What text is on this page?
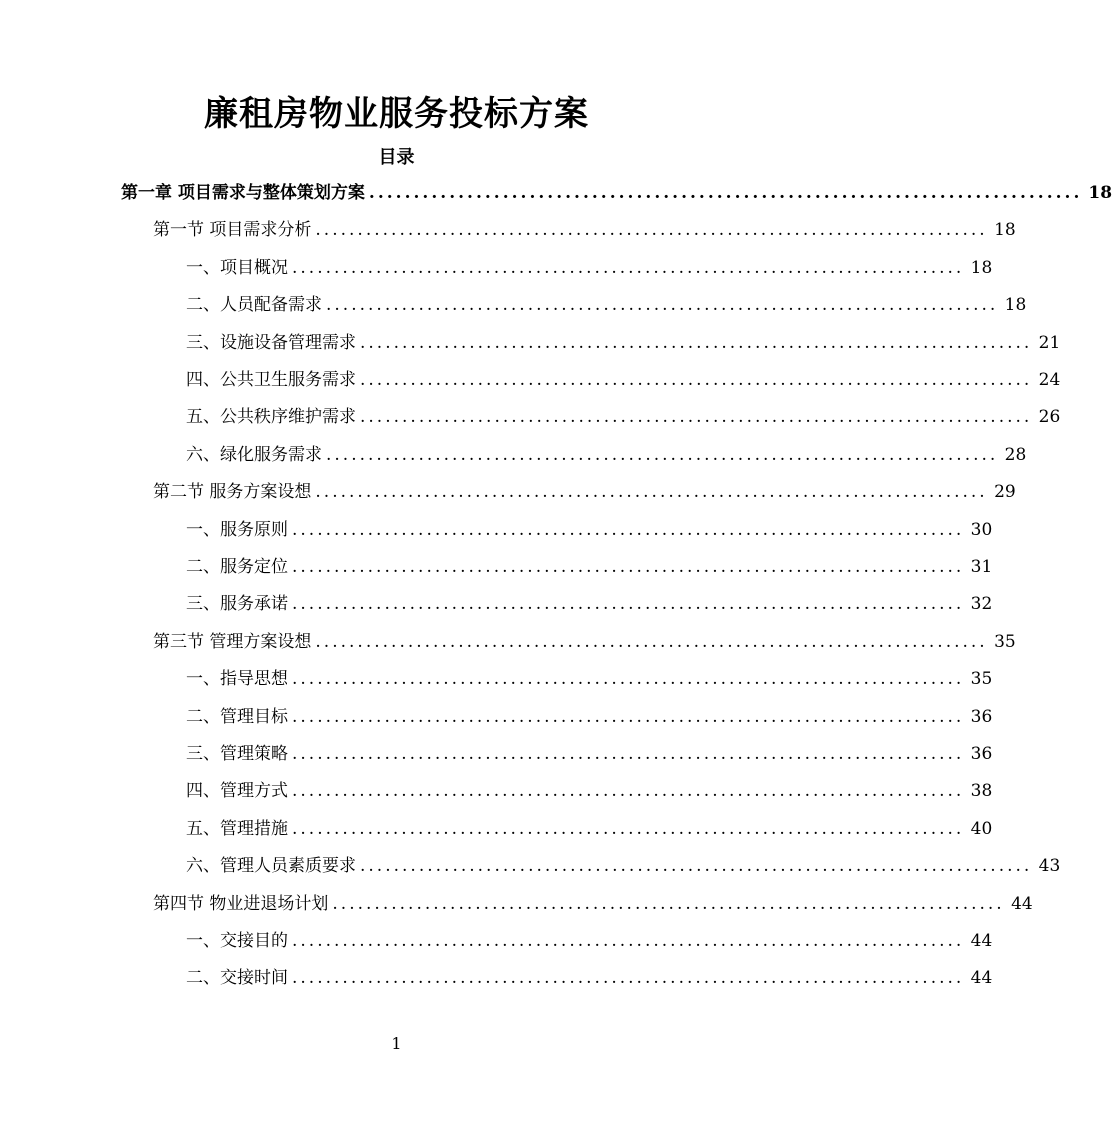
廉租房物业服务投标方案
目录
第一章 项目需求与整体策划方案 ................................................................................ 18
第一节 项目需求分析 ................................................................................ 18
一、项目概况 ................................................................................ 18
二、人员配备需求 ................................................................................ 18
三、设施设备管理需求 ................................................................................ 21
四、公共卫生服务需求 ................................................................................ 24
五、公共秩序维护需求 ................................................................................ 26
六、绿化服务需求 ................................................................................ 28
第二节 服务方案设想 ................................................................................ 29
一、服务原则 ................................................................................ 30
二、服务定位 ................................................................................ 31
三、服务承诺 ................................................................................ 32
第三节 管理方案设想 ................................................................................ 35
一、指导思想 ................................................................................ 35
二、管理目标 ................................................................................ 36
三、管理策略 ................................................................................ 36
四、管理方式 ................................................................................ 38
五、管理措施 ................................................................................ 40
六、管理人员素质要求 ................................................................................ 43
第四节 物业进退场计划 ................................................................................ 44
一、交接目的 ................................................................................ 44
二、交接时间 ................................................................................ 44
1
